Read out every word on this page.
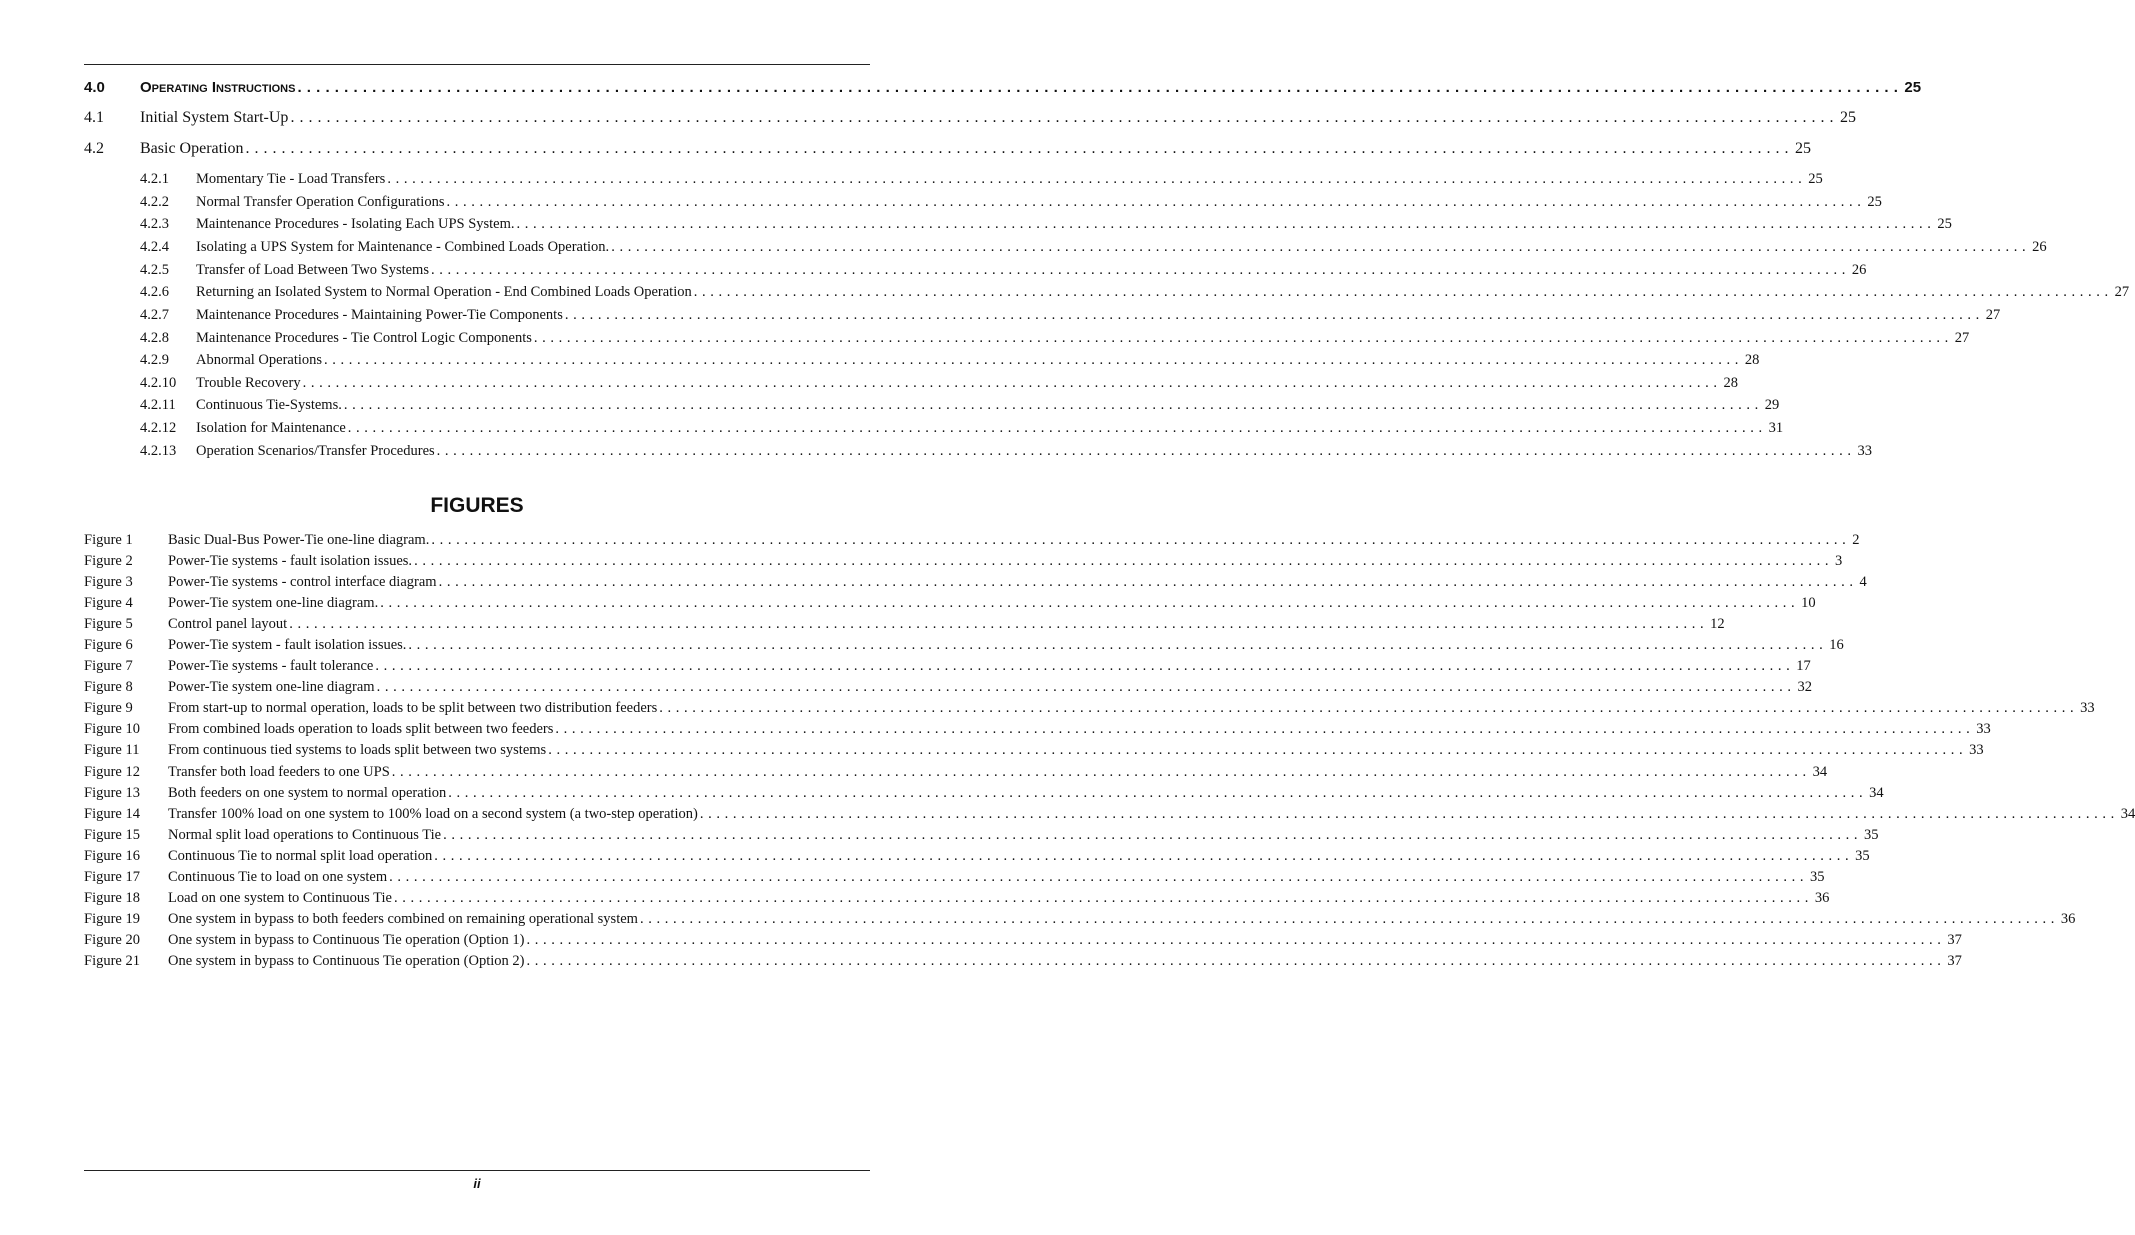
4.0	Operating Instructions . . .	25
4.1	Initial System Start-Up . . .	25
4.2	Basic Operation . . .	25
4.2.1	Momentary Tie - Load Transfers . . .	25
4.2.2	Normal Transfer Operation Configurations . . .	25
4.2.3	Maintenance Procedures - Isolating Each UPS System. . . .	25
4.2.4	Isolating a UPS System for Maintenance - Combined Loads Operation. . . .	26
4.2.5	Transfer of Load Between Two Systems . . .	26
4.2.6	Returning an Isolated System to Normal Operation - End Combined Loads Operation . . .	27
4.2.7	Maintenance Procedures - Maintaining Power-Tie Components . . .	27
4.2.8	Maintenance Procedures - Tie Control Logic Components . . .	27
4.2.9	Abnormal Operations . . .	28
4.2.10	Trouble Recovery . . .	28
4.2.11	Continuous Tie-Systems. . . .	29
4.2.12	Isolation for Maintenance . . .	31
4.2.13	Operation Scenarios/Transfer Procedures . . .	33
FIGURES
Figure 1	Basic Dual-Bus Power-Tie one-line diagram. . . .	2
Figure 2	Power-Tie systems - fault isolation issues. . . .	3
Figure 3	Power-Tie systems - control interface diagram . . .	4
Figure 4	Power-Tie system one-line diagram. . . .	10
Figure 5	Control panel layout . . .	12
Figure 6	Power-Tie system - fault isolation issues. . . .	16
Figure 7	Power-Tie systems - fault tolerance . . .	17
Figure 8	Power-Tie system one-line diagram . . .	32
Figure 9	From start-up to normal operation, loads to be split between two distribution feeders . . .	33
Figure 10	From combined loads operation to loads split between two feeders . . .	33
Figure 11	From continuous tied systems to loads split between two systems . . .	33
Figure 12	Transfer both load feeders to one UPS . . .	34
Figure 13	Both feeders on one system to normal operation . . .	34
Figure 14	Transfer 100% load on one system to 100% load on a second system (a two-step operation) . . .	34
Figure 15	Normal split load operations to Continuous Tie . . .	35
Figure 16	Continuous Tie to normal split load operation . . .	35
Figure 17	Continuous Tie to load on one system . . .	35
Figure 18	Load on one system to Continuous Tie . . .	36
Figure 19	One system in bypass to both feeders combined on remaining operational system . . .	36
Figure 20	One system in bypass to Continuous Tie operation (Option 1) . . .	37
Figure 21	One system in bypass to Continuous Tie operation (Option 2) . . .	37
ii
